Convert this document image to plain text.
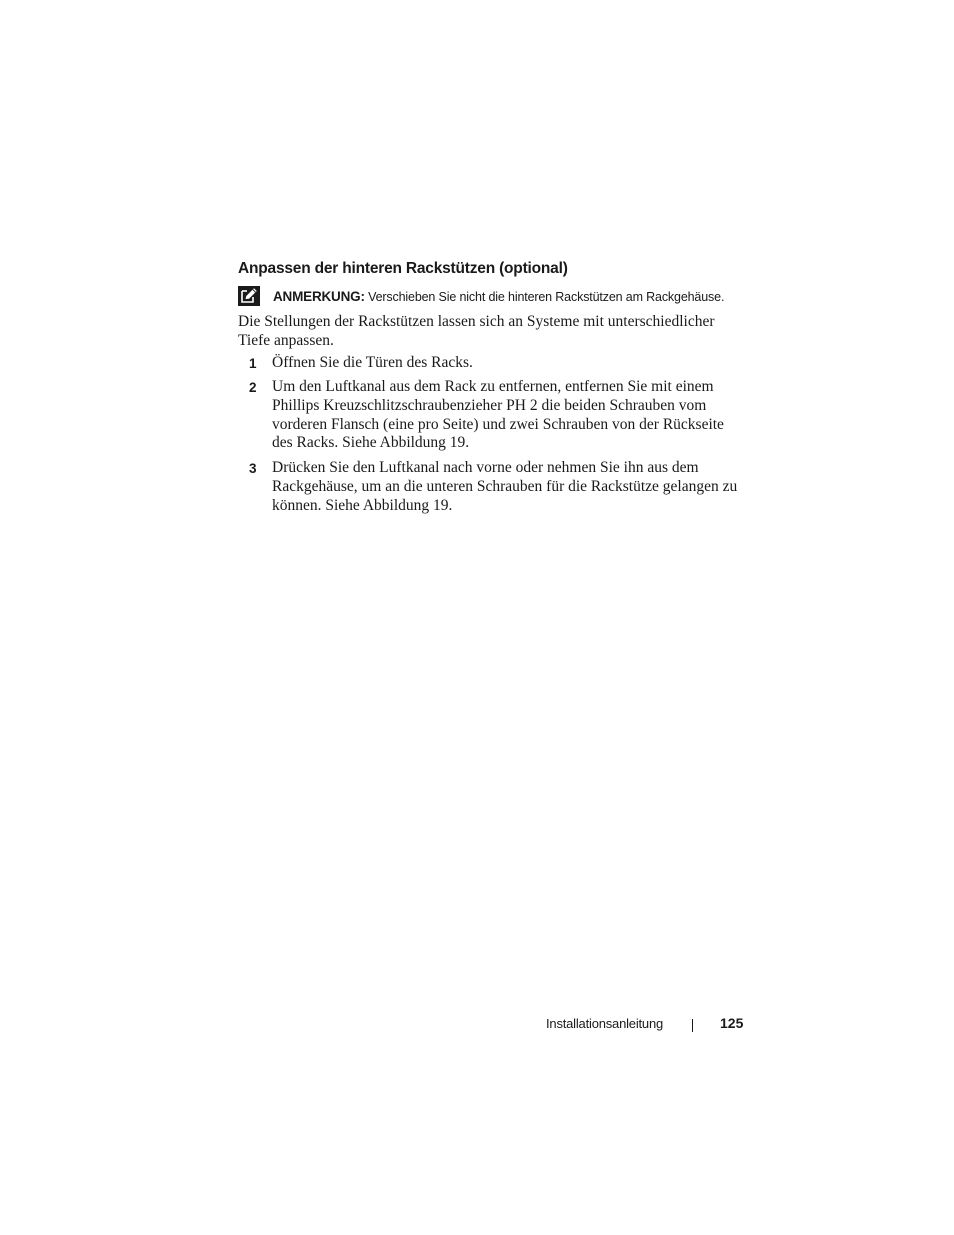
Anpassen der hinteren Rackstützen (optional)
ANMERKUNG: Verschieben Sie nicht die hinteren Rackstützen am Rackgehäuse.

Die Stellungen der Rackstützen lassen sich an Systeme mit unterschiedlicher Tiefe anpassen.

1 Öffnen Sie die Türen des Racks.
2 Um den Luftkanal aus dem Rack zu entfernen, entfernen Sie mit einem Phillips Kreuzschlitzschraubenzieher PH 2 die beiden Schrauben vom vorderen Flansch (eine pro Seite) und zwei Schrauben von der Rückseite des Racks. Siehe Abbildung 19.
3 Drücken Sie den Luftkanal nach vorne oder nehmen Sie ihn aus dem Rackgehäuse, um an die unteren Schrauben für die Rackstütze gelangen zu können. Siehe Abbildung 19.
Installationsanleitung	125
